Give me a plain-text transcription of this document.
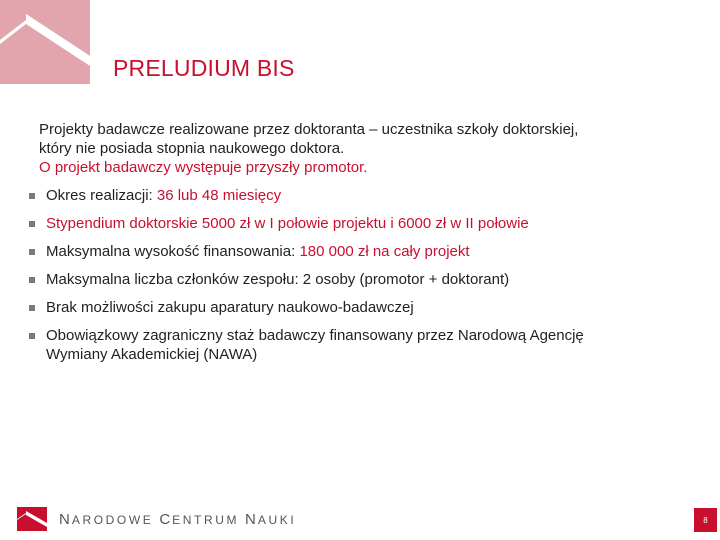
PRELUDIUM BIS
Projekty badawcze realizowane przez doktoranta – uczestnika szkoły doktorskiej,
który nie posiada stopnia naukowego doktora.
O projekt badawczy występuje przyszły promotor.
Okres realizacji: 36 lub 48 miesięcy
Stypendium doktorskie 5000 zł w I połowie projektu i 6000 zł w II połowie
Maksymalna wysokość finansowania: 180 000 zł na cały projekt
Maksymalna liczba członków zespołu: 2 osoby (promotor + doktorant)
Brak możliwości zakupu aparatury naukowo-badawczej
Obowiązkowy zagraniczny staż badawczy finansowany przez Narodową Agencję
Wymiany Akademickiej (NAWA)
NARODOWE CENTRUM NAUKI	8
